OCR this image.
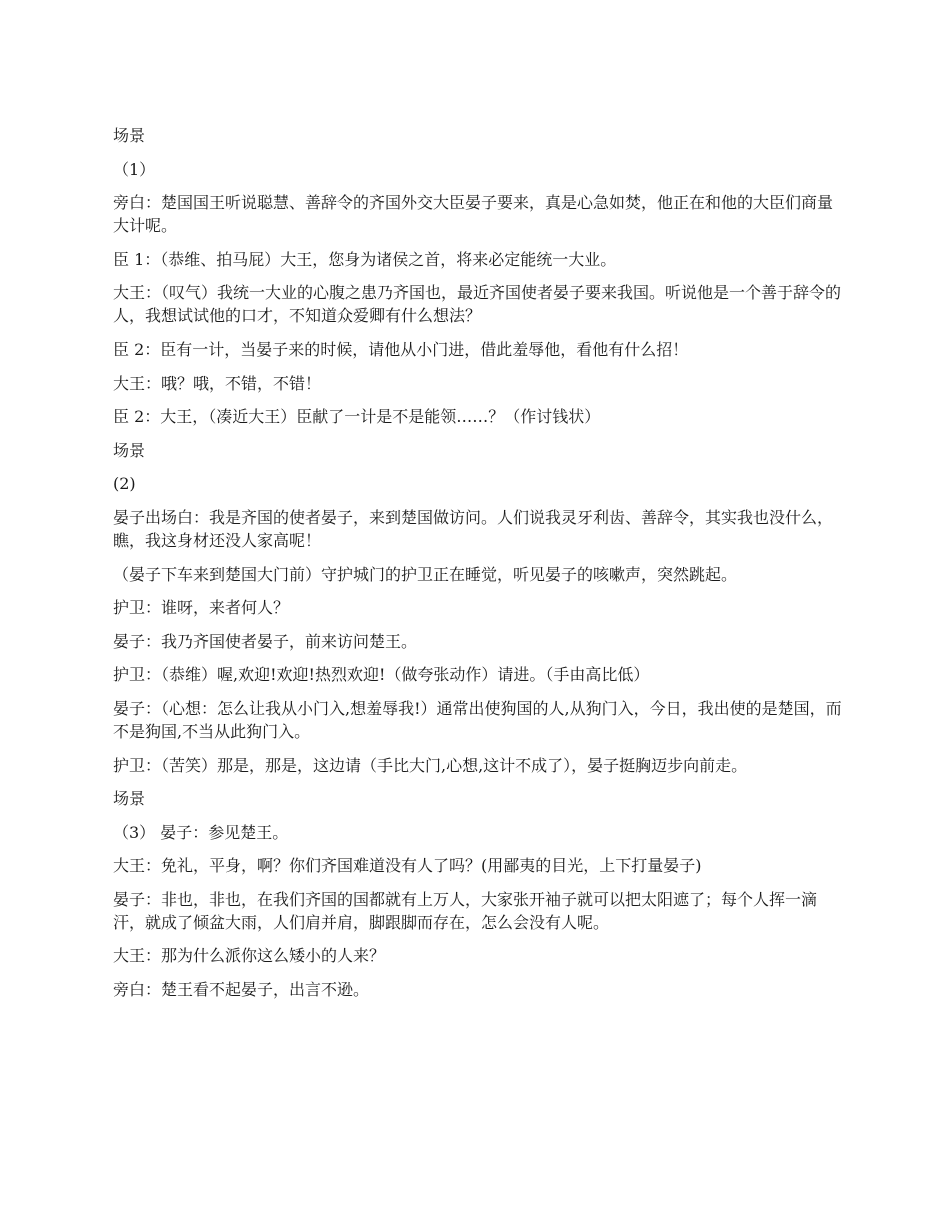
场景

（1）

旁白：楚国国王听说聪慧、善辞令的齐国外交大臣晏子要来，真是心急如焚，他正在和他的大臣们商量大计呢。

臣 1：（恭维、拍马屁）大王，您身为诸侯之首，将来必定能统一大业。

大王：（叹气）我统一大业的心腹之患乃齐国也，最近齐国使者晏子要来我国。听说他是一个善于辞令的人，我想试试他的口才，不知道众爱卿有什么想法？

臣 2：臣有一计，当晏子来的时候，请他从小门进，借此羞辱他，看他有什么招！

大王：哦？哦，不错，不错！

臣 2：大王，（凑近大王）臣献了一计是不是能领……？（作讨钱状）

场景

(2)

晏子出场白：我是齐国的使者晏子，来到楚国做访问。人们说我灵牙利齿、善辞令，其实我也没什么，瞧，我这身材还没人家高呢！

（晏子下车来到楚国大门前）守护城门的护卫正在睡觉，听见晏子的咳嗽声，突然跳起。

护卫：谁呀，来者何人？

晏子：我乃齐国使者晏子，前来访问楚王。

护卫：（恭维）喔,欢迎!欢迎!热烈欢迎!（做夸张动作）请进。（手由高比低）

晏子：（心想：怎么让我从小门入,想羞辱我!）通常出使狗国的人,从狗门入，今日，我出使的是楚国，而不是狗国,不当从此狗门入。

护卫：（苦笑）那是，那是，这边请（手比大门,心想,这计不成了），晏子挺胸迈步向前走。

场景

（3） 晏子：参见楚王。

大王：免礼，平身，啊？你们齐国难道没有人了吗？(用鄙夷的目光，上下打量晏子)

晏子：非也，非也，在我们齐国的国都就有上万人，大家张开袖子就可以把太阳遮了；每个人挥一滴汗，就成了倾盆大雨，人们肩并肩，脚跟脚而存在，怎么会没有人呢。

大王：那为什么派你这么矮小的人来？

旁白：楚王看不起晏子，出言不逊。
